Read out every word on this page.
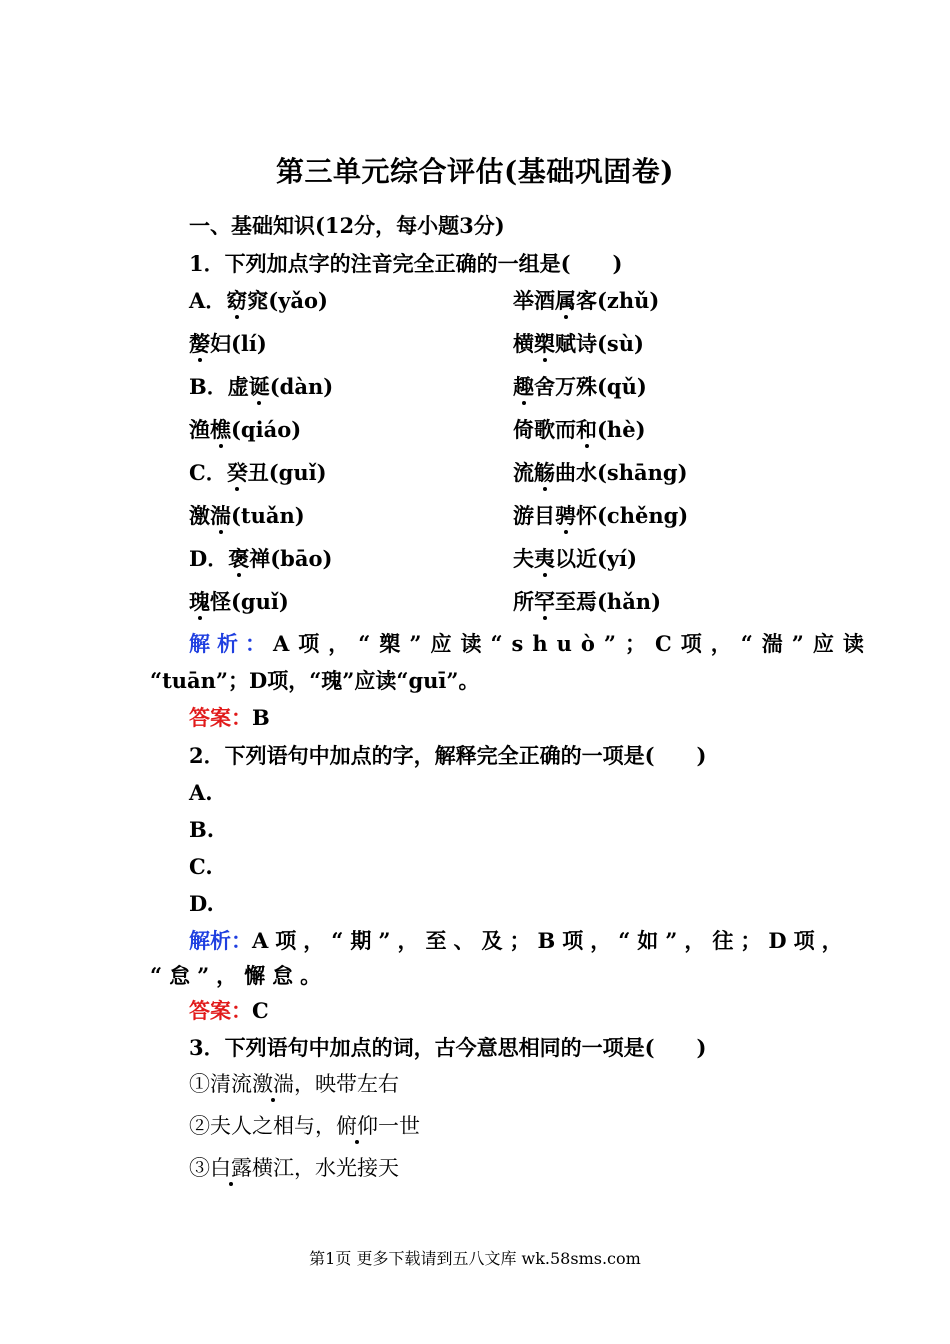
第三单元综合评估(基础巩固卷)
一、基础知识(12分，每小题3分)
1．下列加点字的注音完全正确的一组是(　　)
A．窈窕(yǎo)	举酒属客(zhǔ)
嫠妇(lí)	横槊赋诗(sù)
B．虚诞(dàn)	趣舍万殊(qǔ)
渔樵(qiáo)	倚歌而和(hè)
C．癸丑(guǐ)	流觞曲水(shāng)
激湍(tuǎn)	游目骋怀(chěng)
D．褒禅(bāo)	夫夷以近(yí)
瑰怪(guǐ)	所罕至焉(hǎn)
解析：A项，“槊”应读“shuò”；C项，“湍”应读
“tuān”；D项，“瑰”应读“guī”。
答案：B
2．下列语句中加点的字，解释完全正确的一项是(　　)
A.
B.
C.
D.
解析：A项，“期”，至、及；B项，“如”，往；D项，
“怠”，懈怠。
答案：C
3．下列语句中加点的词，古今意思相同的一项是(　　)
①清流激湍，映带左右
②夫人之相与，俯仰一世
③白露横江，水光接天
第1页 更多下载请到五八文库 wk.58sms.com
